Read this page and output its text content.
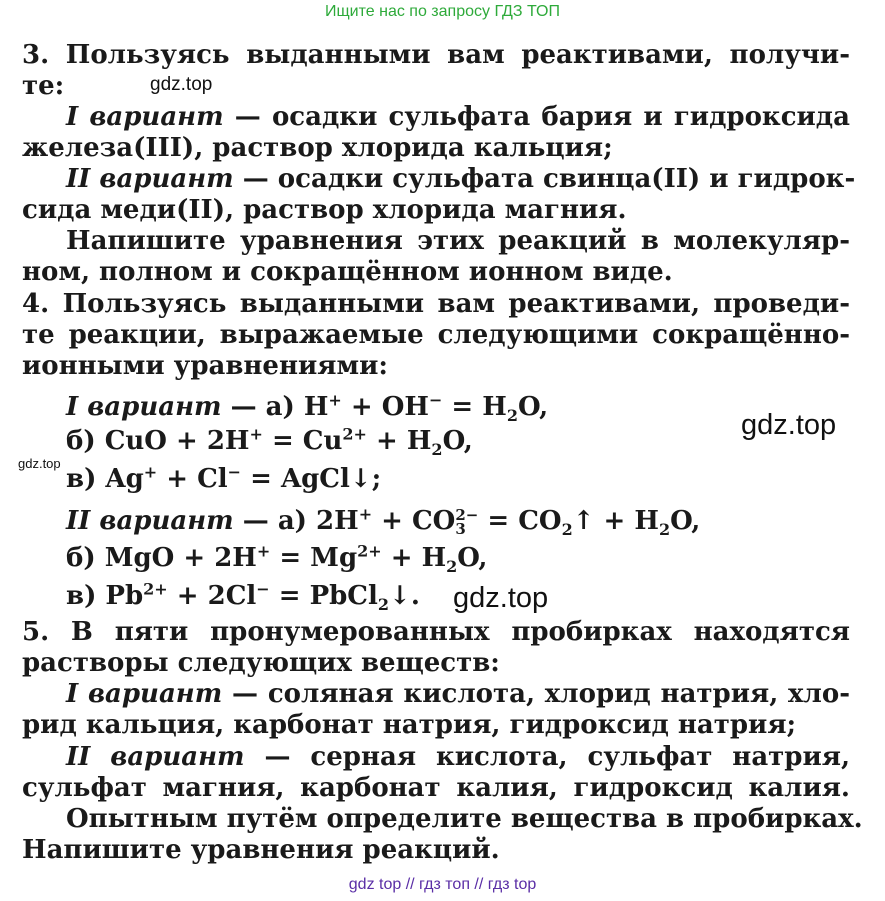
Ищите нас по запросу ГДЗ ТОП
3. Пользуясь выданными вам реактивами, получи-
те:
I вариант — осадки сульфата бария и гидроксида
железа(III), раствор хлорида кальция;
II вариант — осадки сульфата свинца(II) и гидрок-
сида меди(II), раствор хлорида магния.
Напишите уравнения этих реакций в молекуляр-
ном, полном и сокращённом ионном виде.
4. Пользуясь выданными вам реактивами, проведи-
те реакции, выражаемые следующими сокращённо-
ионными уравнениями:
I вариант — а) $H^+ + OH^- = H_2O$,
б) CuO + $2H^+ = Cu^{2+} + H_2O$,
в) Ag+ + Cl− = AgCl↓;
II вариант — а) 2H+ + CO 2−
$3 = CO_2↑ + H_2O$,
б) MgO + $2H^+ = Mg^{2+} + H_2O$,
в) $Pb^{2+} + 2Cl^-$ = PbCl$_2$↓.
5. В пяти пронумерованных пробирках находятся
растворы следующих веществ:
I вариант — соляная кислота, хлорид натрия, хло-
рид кальция, карбонат натрия, гидроксид натрия;
II вариант — серная кислота, сульфат натрия,
сульфат магния, карбонат калия, гидроксид калия.
Опытным путём определите вещества в пробирках.
Напишите уравнения реакций.
gdz.top
gdz.top
gdz.top
gdz.top
gdz top // гдз топ // гдз top
